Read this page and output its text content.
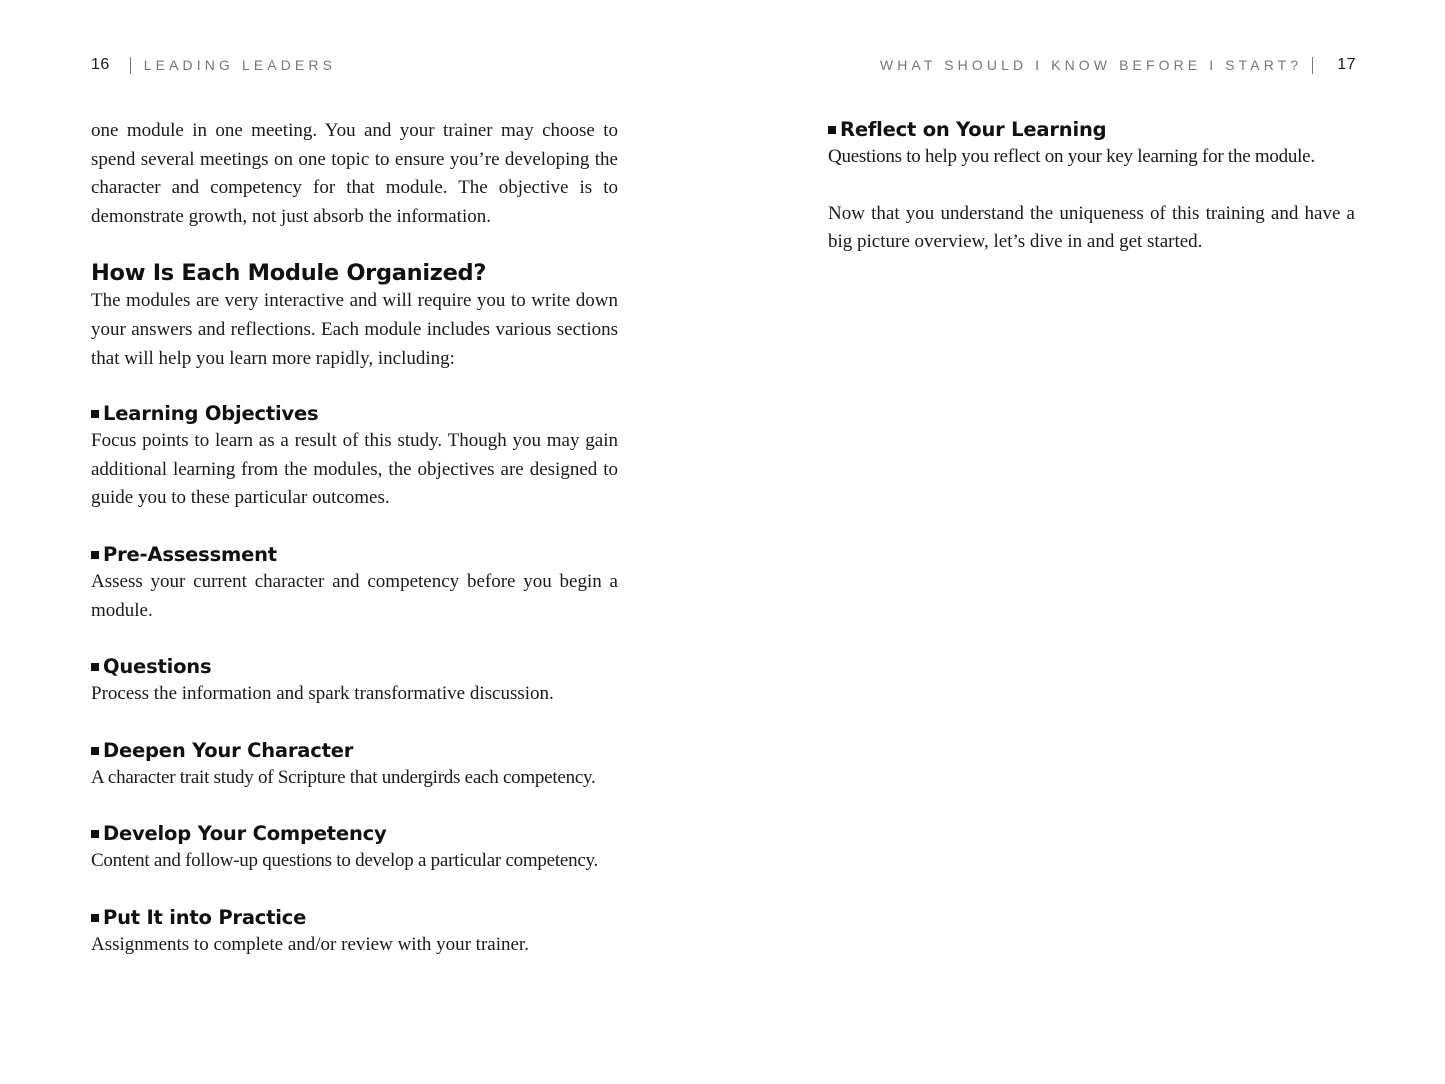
16 LEADING LEADERS

one module in one meeting. You and your trainer may choose to spend several meetings on one topic to ensure you’re developing the character and competency for that module. The objective is to demonstrate growth, not just absorb the information.

How Is Each Module Organized?

The modules are very interactive and will require you to write down your answers and reflections. Each module includes various sections that will help you learn more rapidly, including:

Learning Objectives

Focus points to learn as a result of this study. Though you may gain additional learning from the modules, the objectives are designed to guide you to these particular outcomes.

Pre-Assessment

Assess your current character and competency before you begin a module.

Questions

Process the information and spark transformative discussion.

Deepen Your Character

A character trait study of Scripture that undergirds each competency.

Develop Your Competency

Content and follow-up questions to develop a particular competency.

Put It into Practice

Assignments to complete and/or review with your trainer.

WHAT SHOULD I KNOW BEFORE I START? 17
Reflect on Your Learning

Questions to help you reflect on your key learning for the module.

Now that you understand the uniqueness of this training and have a big picture overview, let’s dive in and get started.
